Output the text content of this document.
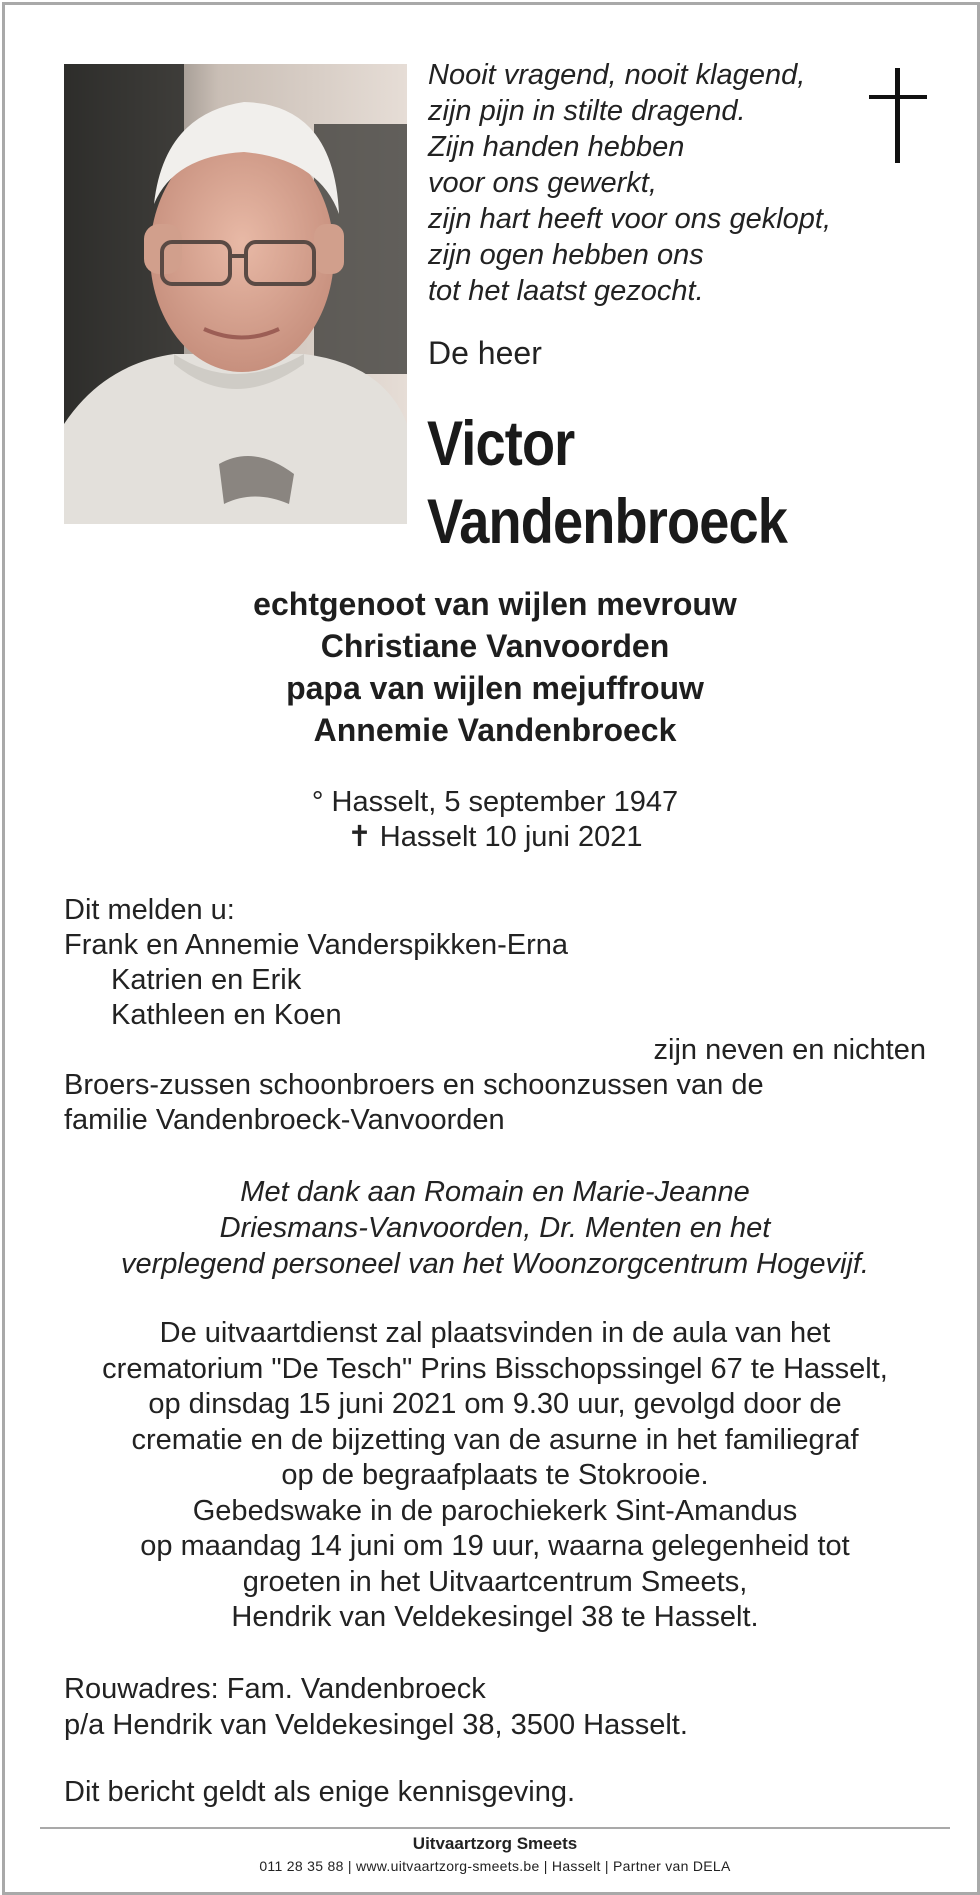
Nooit vragend, nooit klagend,
zijn pijn in stilte dragend.
Zijn handen hebben
voor ons gewerkt,
zijn hart heeft voor ons geklopt,
zijn ogen hebben ons
tot het laatst gezocht.
De heer
Victor
Vandenbroeck
echtgenoot van wijlen mevrouw
Christiane Vanvoorden
papa van wijlen mejuffrouw
Annemie Vandenbroeck
° Hasselt, 5 september 1947
✝ Hasselt 10 juni 2021
Dit melden u:
Frank en Annemie Vanderspikken-Erna
Katrien en Erik
Kathleen en Koen
zijn neven en nichten
Broers-zussen schoonbroers en schoonzussen van de
familie Vandenbroeck-Vanvoorden
Met dank aan Romain en Marie-Jeanne
Driesmans-Vanvoorden, Dr. Menten en het
verplegend personeel van het Woonzorgcentrum Hogevijf.
De uitvaartdienst zal plaatsvinden in de aula van het
crematorium "De Tesch" Prins Bisschopssingel 67 te Hasselt,
op dinsdag 15 juni 2021 om 9.30 uur, gevolgd door de
crematie en de bijzetting van de asurne in het familiegraf
op de begraafplaats te Stokrooie.
Gebedswake in de parochiekerk Sint-Amandus
op maandag 14 juni om 19 uur, waarna gelegenheid tot
groeten in het Uitvaartcentrum Smeets,
Hendrik van Veldekesingel 38 te Hasselt.
Rouwadres: Fam. Vandenbroeck
p/a Hendrik van Veldekesingel 38, 3500 Hasselt.
Dit bericht geldt als enige kennisgeving.
Uitvaartzorg Smeets
011 28 35 88 | www.uitvaartzorg-smeets.be | Hasselt | Partner van DELA
